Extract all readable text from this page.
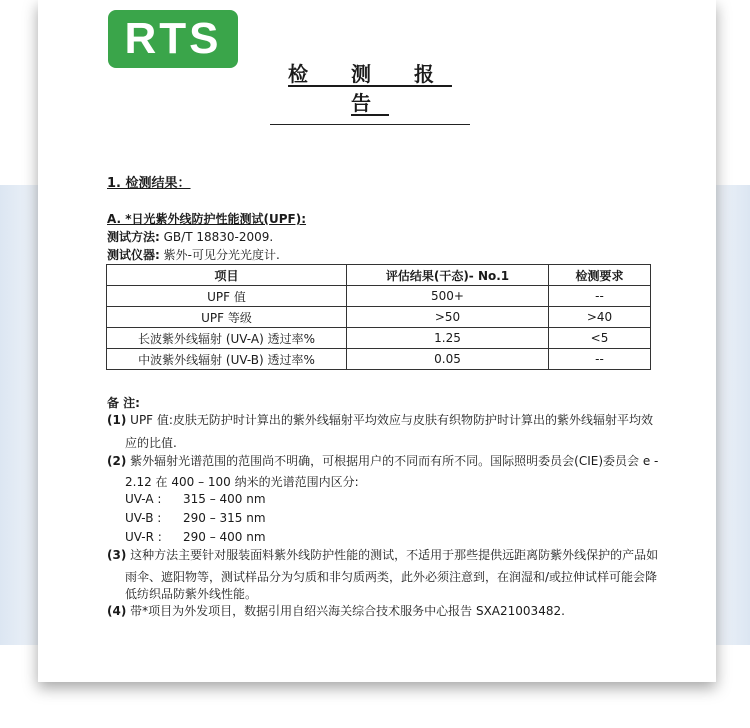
RTS
检 测 报 告
1. 检测结果：
A. *日光紫外线防护性能测试(UPF):
测试方法: GB/T 18830-2009.
测试仪器: 紫外-可见分光光度计.
项目	评估结果(干态)- No.1	检测要求
UPF 值	500+	--
UPF 等级	>50	>40
长波紫外线辐射 (UV-A) 透过率%	1.25	<5
中波紫外线辐射 (UV-B) 透过率%	0.05	--
备 注:
(1) UPF 值:皮肤无防护时计算出的紫外线辐射平均效应与皮肤有织物防护时计算出的紫外线辐射平均效
应的比值.
(2) 紫外辐射光谱范围的范围尚不明确，可根据用户的不同而有所不同。国际照明委员会(CIE)委员会 e -
2.12 在 400 – 100 纳米的光谱范围内区分:
UV-A : 315 – 400 nm
UV-B : 290 – 315 nm
UV-R : 290 – 400 nm
(3) 这种方法主要针对服装面料紫外线防护性能的测试，不适用于那些提供远距离防紫外线保护的产品如
雨伞、遮阳物等，测试样品分为匀质和非匀质两类，此外必须注意到，在润湿和/或拉伸试样可能会降
低纺织品防紫外线性能。
(4) 带*项目为外发项目，数据引用自绍兴海关综合技术服务中心报告 SXA21003482.
